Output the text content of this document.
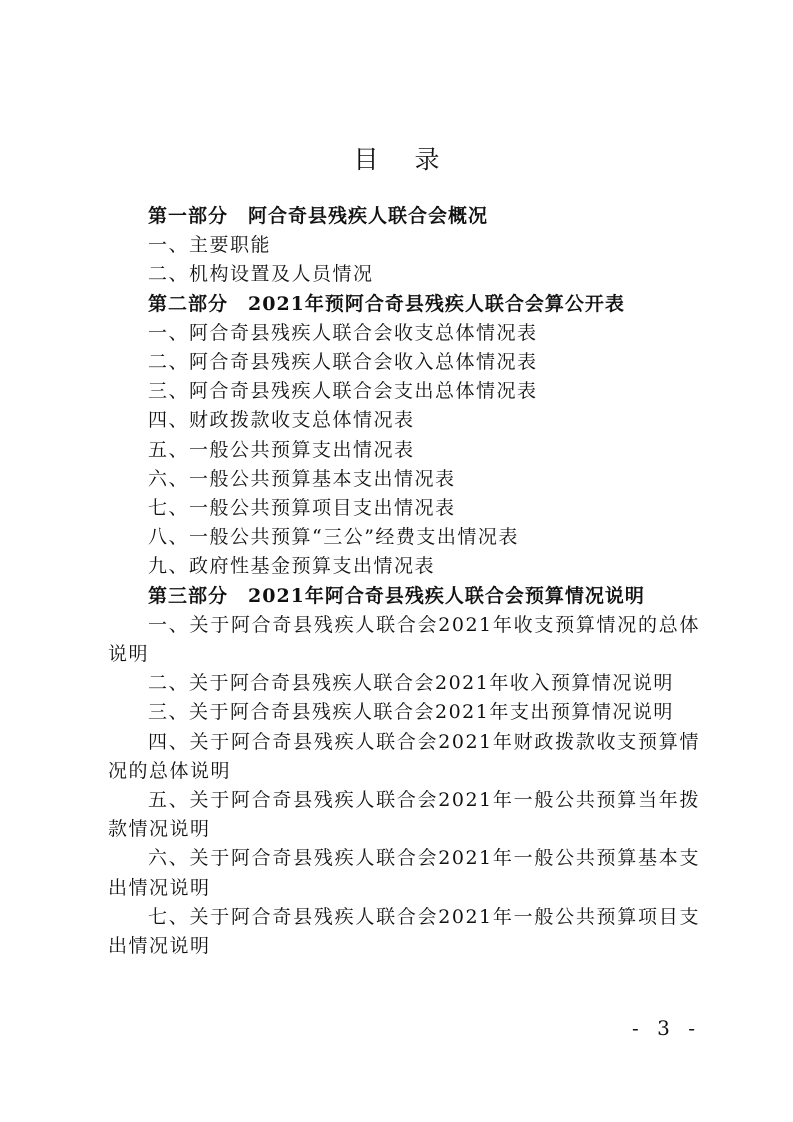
目 录
第一部分　阿合奇县残疾人联合会概况
一、主要职能
二、机构设置及人员情况
第二部分　2021年预阿合奇县残疾人联合会算公开表
一、阿合奇县残疾人联合会收支总体情况表
二、阿合奇县残疾人联合会收入总体情况表
三、阿合奇县残疾人联合会支出总体情况表
四、财政拨款收支总体情况表
五、一般公共预算支出情况表
六、一般公共预算基本支出情况表
七、一般公共预算项目支出情况表
八、一般公共预算“三公”经费支出情况表
九、政府性基金预算支出情况表
第三部分　2021年阿合奇县残疾人联合会预算情况说明
一、关于阿合奇县残疾人联合会2021年收支预算情况的总体说明
二、关于阿合奇县残疾人联合会2021年收入预算情况说明
三、关于阿合奇县残疾人联合会2021年支出预算情况说明
四、关于阿合奇县残疾人联合会2021年财政拨款收支预算情况的总体说明
五、关于阿合奇县残疾人联合会2021年一般公共预算当年拨款情况说明
六、关于阿合奇县残疾人联合会2021年一般公共预算基本支出情况说明
七、关于阿合奇县残疾人联合会2021年一般公共预算项目支出情况说明
- 3 -
